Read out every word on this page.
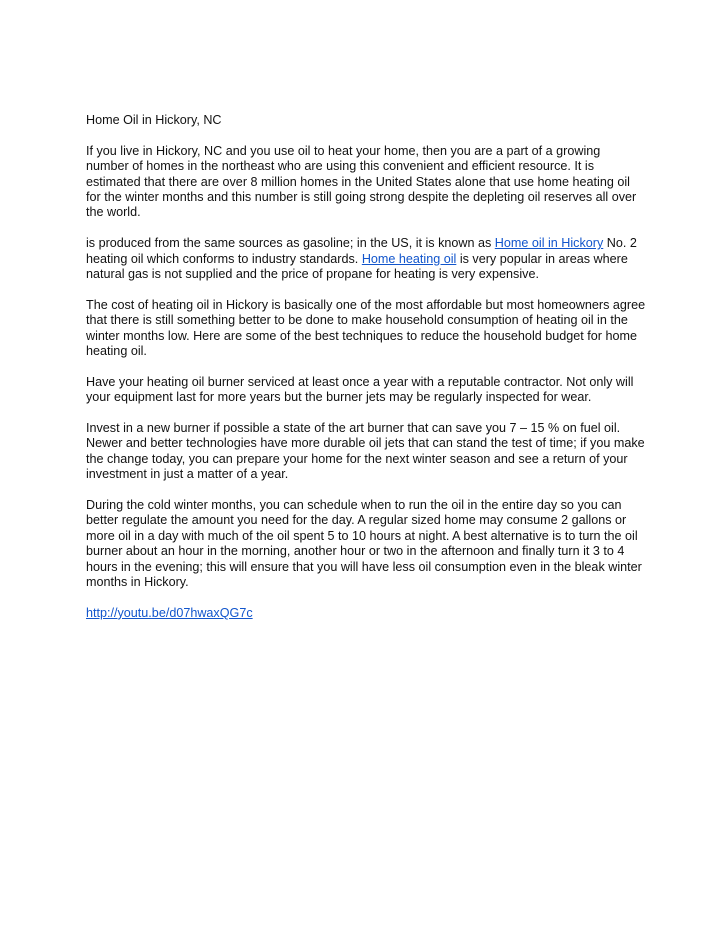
Home Oil in Hickory, NC

If you live in Hickory, NC and you use oil to heat your home, then you are a part of a growing number of homes in the northeast who are using this convenient and efficient resource. It is estimated that there are over 8 million homes in the United States alone that use home heating oil for the winter months and this number is still going strong despite the depleting oil reserves all over the world.

is produced from the same sources as gasoline; in the US, it is known as Home oil in Hickory No. 2 heating oil which conforms to industry standards. Home heating oil is very popular in areas where natural gas is not supplied and the price of propane for heating is very expensive.

The cost of heating oil in Hickory is basically one of the most affordable but most homeowners agree that there is still something better to be done to make household consumption of heating oil in the winter months low. Here are some of the best techniques to reduce the household budget for home heating oil.

Have your heating oil burner serviced at least once a year with a reputable contractor. Not only will your equipment last for more years but the burner jets may be regularly inspected for wear.

Invest in a new burner if possible a state of the art burner that can save you 7 – 15 % on fuel oil. Newer and better technologies have more durable oil jets that can stand the test of time; if you make the change today, you can prepare your home for the next winter season and see a return of your investment in just a matter of a year.

During the cold winter months, you can schedule when to run the oil in the entire day so you can better regulate the amount you need for the day. A regular sized home may consume 2 gallons or more oil in a day with much of the oil spent 5 to 10 hours at night. A best alternative is to turn the oil burner about an hour in the morning, another hour or two in the afternoon and finally turn it 3 to 4 hours in the evening; this will ensure that you will have less oil consumption even in the bleak winter months in Hickory.

http://youtu.be/d07hwaxQG7c
